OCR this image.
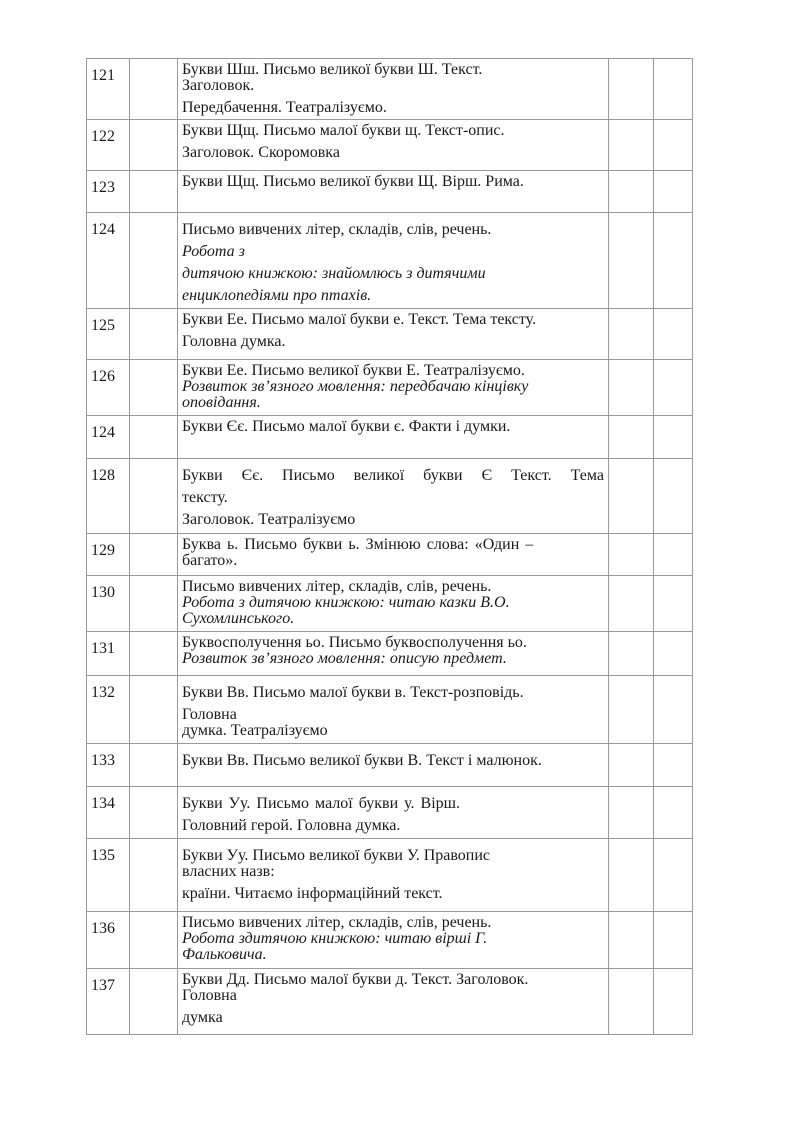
121		Букви Шш. Письмо великої букви Ш. Текст.
Заголовок.
Передбачення. Театралізуємо.		

122		Букви Щщ. Письмо малої букви щ. Текст-опис.
Заголовок. Скоромовка		

123		Букви Щщ. Письмо великої букви Щ. Вірш. Рима.		

124		Письмо вивчених літер, складів, слів, речень.
Робота з
дитячою книжкою: знайомлюсь з дитячими
енциклопедіями про птахів.		

125		Букви Ее. Письмо малої букви е. Текст. Тема тексту.
Головна думка.		

126		Букви Ее. Письмо великої букви Е. Театралізуємо.
Розвиток зв’язного мовлення: передбачаю кінцівку
оповідання.		

124		Букви Єє. Письмо малої букви є. Факти і думки.		

128		Букви Єє. Письмо великої букви Є Текст. Тема
тексту.
Заголовок. Театралізуємо		

129		Буква ь. Письмо букви ь. Змінюю слова: «Один –
багато».		

130		Письмо вивчених літер, складів, слів, речень.
Робота з дитячою книжкою: читаю казки В.О.
Сухомлинського.		

131		Буквосполучення ьо. Письмо буквосполучення ьо.
Розвиток зв’язного мовлення: описую предмет.		

132		Букви Вв. Письмо малої букви в. Текст-розповідь.
Головна
думка. Театралізуємо		

133		Букви Вв. Письмо великої букви В. Текст і малюнок.		

134		Букви Уу. Письмо малої букви у. Вірш.
Головний герой. Головна думка.		

135		Букви Уу. Письмо великої букви У. Правопис
власних назв:
країни. Читаємо інформаційний текст.		

136		Письмо вивчених літер, складів, слів, речень.
Робота здитячою книжкою: читаю вірші Г.
Фальковича.		

137		Букви Дд. Письмо малої букви д. Текст. Заголовок.
Головна
думка		
